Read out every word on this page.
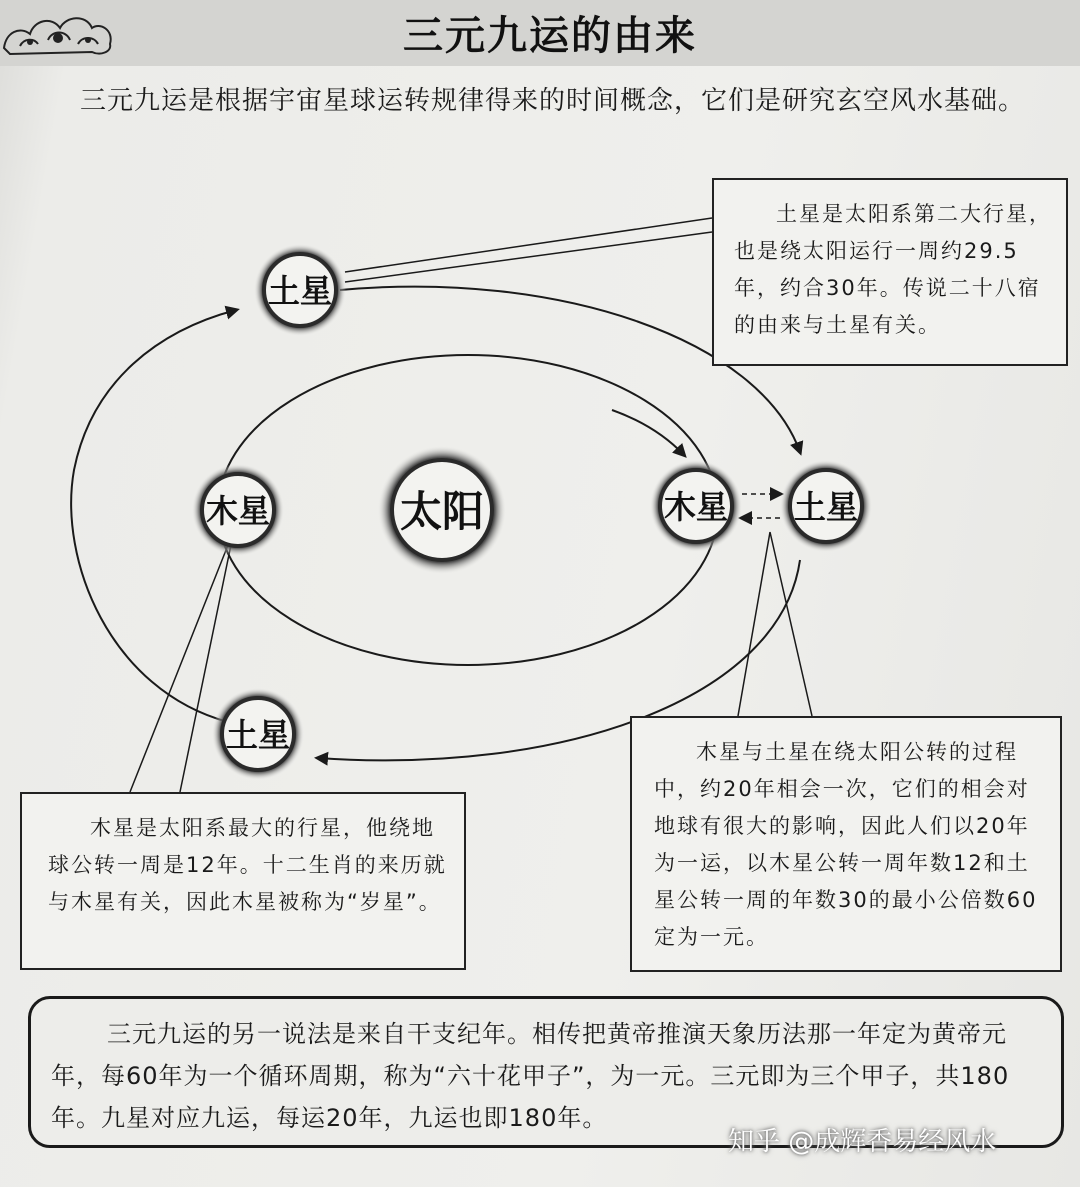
三元九运的由来
三元九运是根据宇宙星球运转规律得来的时间概念，它们是研究玄空风水基础。
太阳
土星
木星	木星 土星
土星

土星是太阳系第二大行星，也是绕太阳运行一周约29.5年，约合30年。传说二十八宿的由来与土星有关。

木星是太阳系最大的行星，他绕地球公转一周是12年。十二生肖的来历就与木星有关，因此木星被称为“岁星”。

木星与土星在绕太阳公转的过程中，约20年相会一次，它们的相会对地球有很大的影响，因此人们以20年为一运，以木星公转一周年数12和土星公转一周的年数30的最小公倍数60定为一元。

三元九运的另一说法是来自干支纪年。相传把黄帝推演天象历法那一年定为黄帝元年，每60年为一个循环周期，称为“六十花甲子”，为一元。三元即为三个甲子，共180年。九星对应九运，每运20年，九运也即180年。

知乎 @成辉香易经风水
